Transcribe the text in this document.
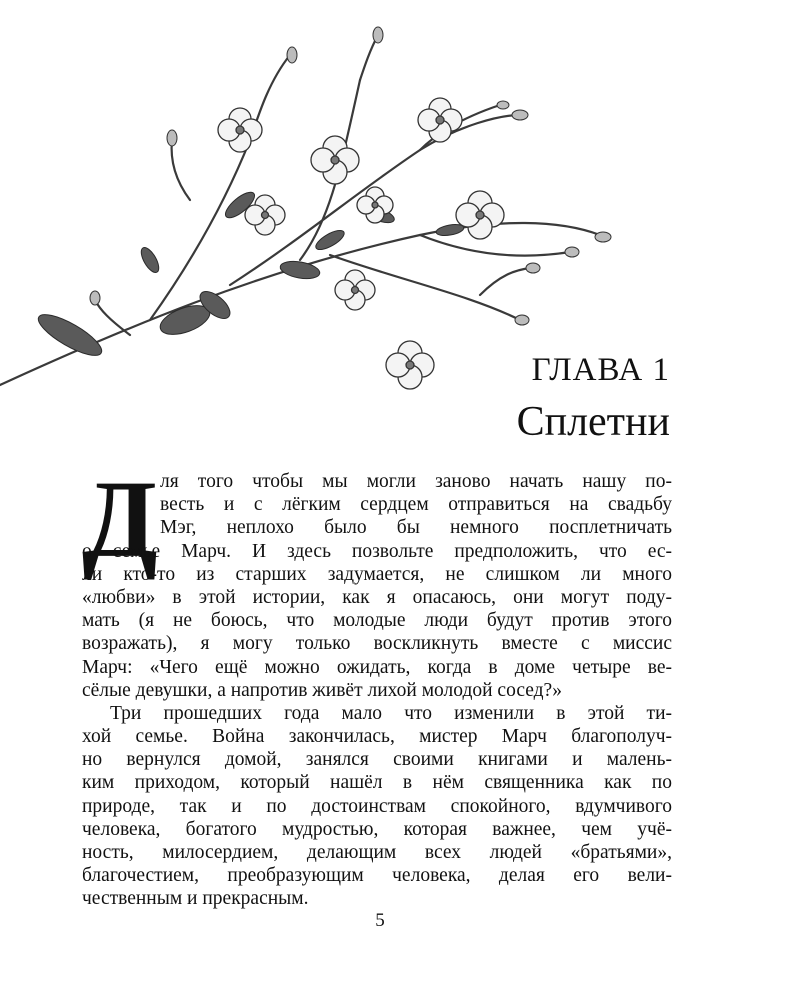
ГЛАВА 1
Сплетни
Д ля того чтобы мы могли заново начать нашу по-
весть и с лёгким сердцем отправиться на свадьбу
Мэг, неплохо было бы немного посплетничать
о семье Марч. И здесь позвольте предположить, что ес-
ли кто-то из старших задумается, не слишком ли много
«любви» в этой истории, как я опасаюсь, они могут поду-
мать (я не боюсь, что молодые люди будут против этого
возражать), я могу только воскликнуть вместе с миссис
Марч: «Чего ещё можно ожидать, когда в доме четыре ве-
сёлые девушки, а напротив живёт лихой молодой сосед?»
Три прошедших года мало что изменили в этой ти-
хой семье. Война закончилась, мистер Марч благополуч-
но вернулся домой, занялся своими книгами и малень-
ким приходом, который нашёл в нём священника как по
природе, так и по достоинствам спокойного, вдумчивого
человека, богатого мудростью, которая важнее, чем учё-
ность, милосердием, делающим всех людей «братьями»,
благочестием, преобразующим человека, делая его вели-
чественным и прекрасным.
5
